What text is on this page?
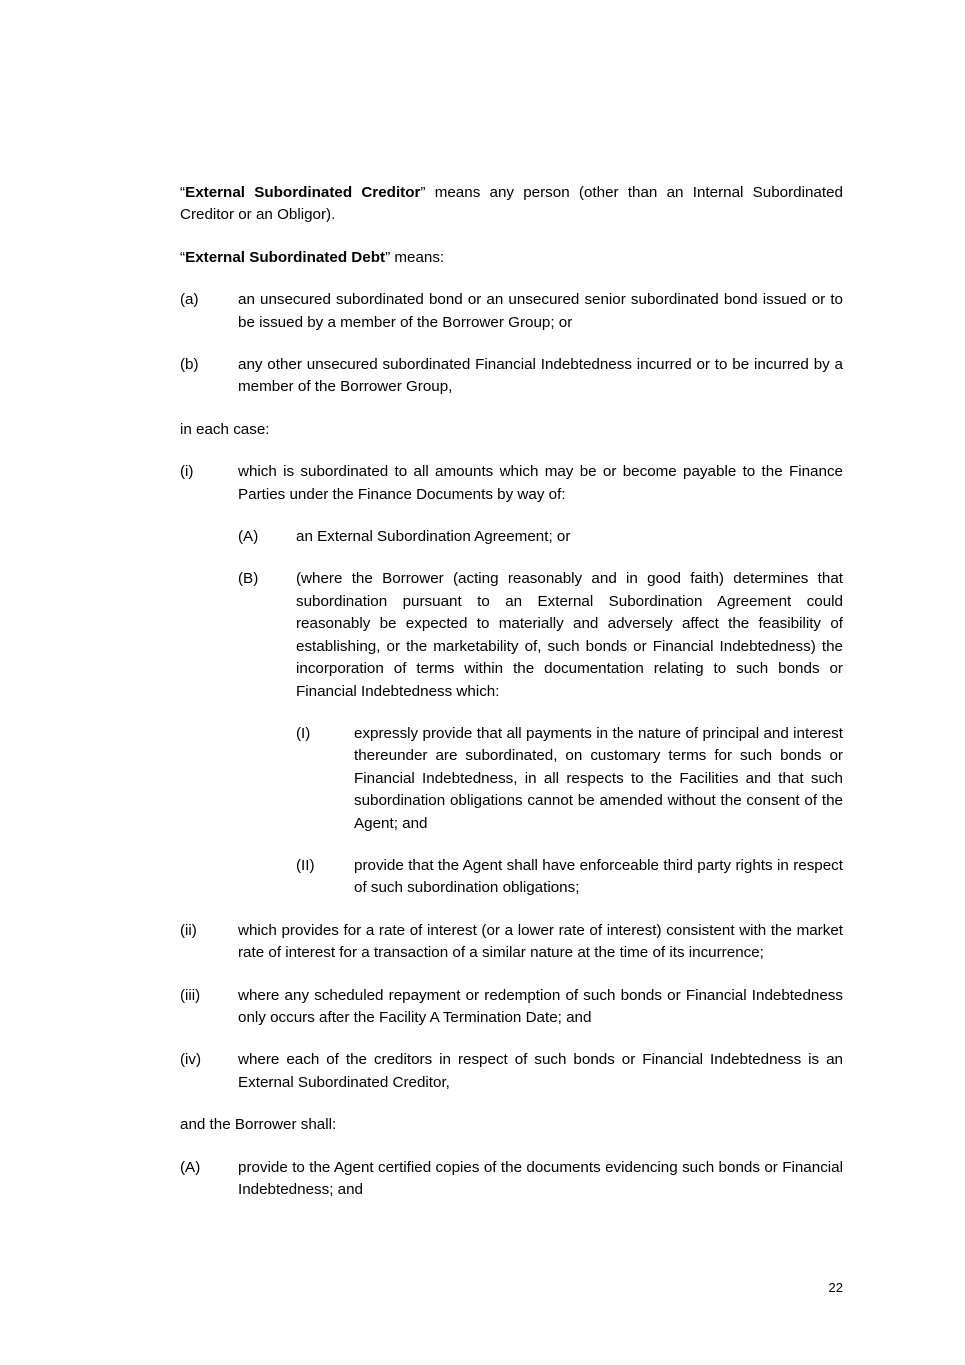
“External Subordinated Creditor” means any person (other than an Internal Subordinated Creditor or an Obligor).

“External Subordinated Debt” means:

(a)	an unsecured subordinated bond or an unsecured senior subordinated bond issued or to be issued by a member of the Borrower Group; or
(b)	any other unsecured subordinated Financial Indebtedness incurred or to be incurred by a member of the Borrower Group,

in each case:

(i)	which is subordinated to all amounts which may be or become payable to the Finance Parties under the Finance Documents by way of:
(A)	an External Subordination Agreement; or
(B)	(where the Borrower (acting reasonably and in good faith) determines that subordination pursuant to an External Subordination Agreement could reasonably be expected to materially and adversely affect the feasibility of establishing, or the marketability of, such bonds or Financial Indebtedness) the incorporation of terms within the documentation relating to such bonds or Financial Indebtedness which:
(I)	expressly provide that all payments in the nature of principal and interest thereunder are subordinated, on customary terms for such bonds or Financial Indebtedness, in all respects to the Facilities and that such subordination obligations cannot be amended without the consent of the Agent; and
(II)	provide that the Agent shall have enforceable third party rights in respect of such subordination obligations;
(ii)	which provides for a rate of interest (or a lower rate of interest) consistent with the market rate of interest for a transaction of a similar nature at the time of its incurrence;
(iii)	where any scheduled repayment or redemption of such bonds or Financial Indebtedness only occurs after the Facility A Termination Date; and
(iv)	where each of the creditors in respect of such bonds or Financial Indebtedness is an External Subordinated Creditor,

and the Borrower shall:

(A)	provide to the Agent certified copies of the documents evidencing such bonds or Financial Indebtedness; and
22
